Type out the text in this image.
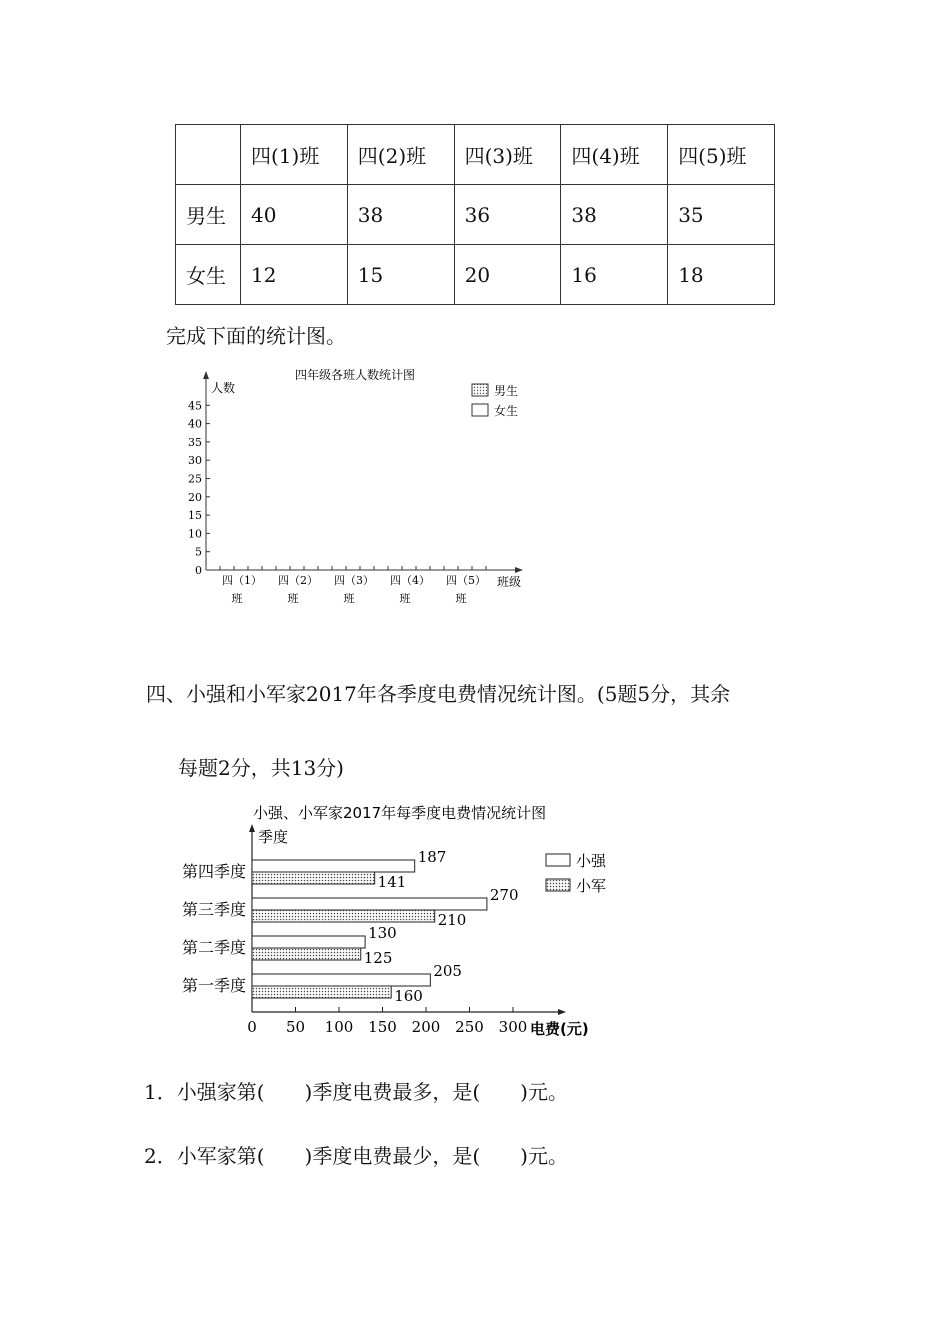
	四(1)班	四(2)班	四(3)班	四(4)班	四(5)班
男生	40	38	36	38	35
女生	12	15	20	16	18
完成下面的统计图。
四年级各班人数统计图
人数
班级
0
5
10
15
20
25
30
35
40
45
四（1）
班
四（2）
班
四（3）
班
四（4）
班
四（5）
班
男生
女生
四、小强和小军家2017年各季度电费情况统计图。(5题5分，其余
每题2分，共13分)
小强、小军家2017年每季度电费情况统计图
季度
电费(元)
0 50 100 150 200 250 300
第一季度
第二季度
第三季度
第四季度
205
160
130
125
270
210
187
141
小强
小军
1．小强家第(　　)季度电费最多，是(　　)元。
2．小军家第(　　)季度电费最少，是(　　)元。
